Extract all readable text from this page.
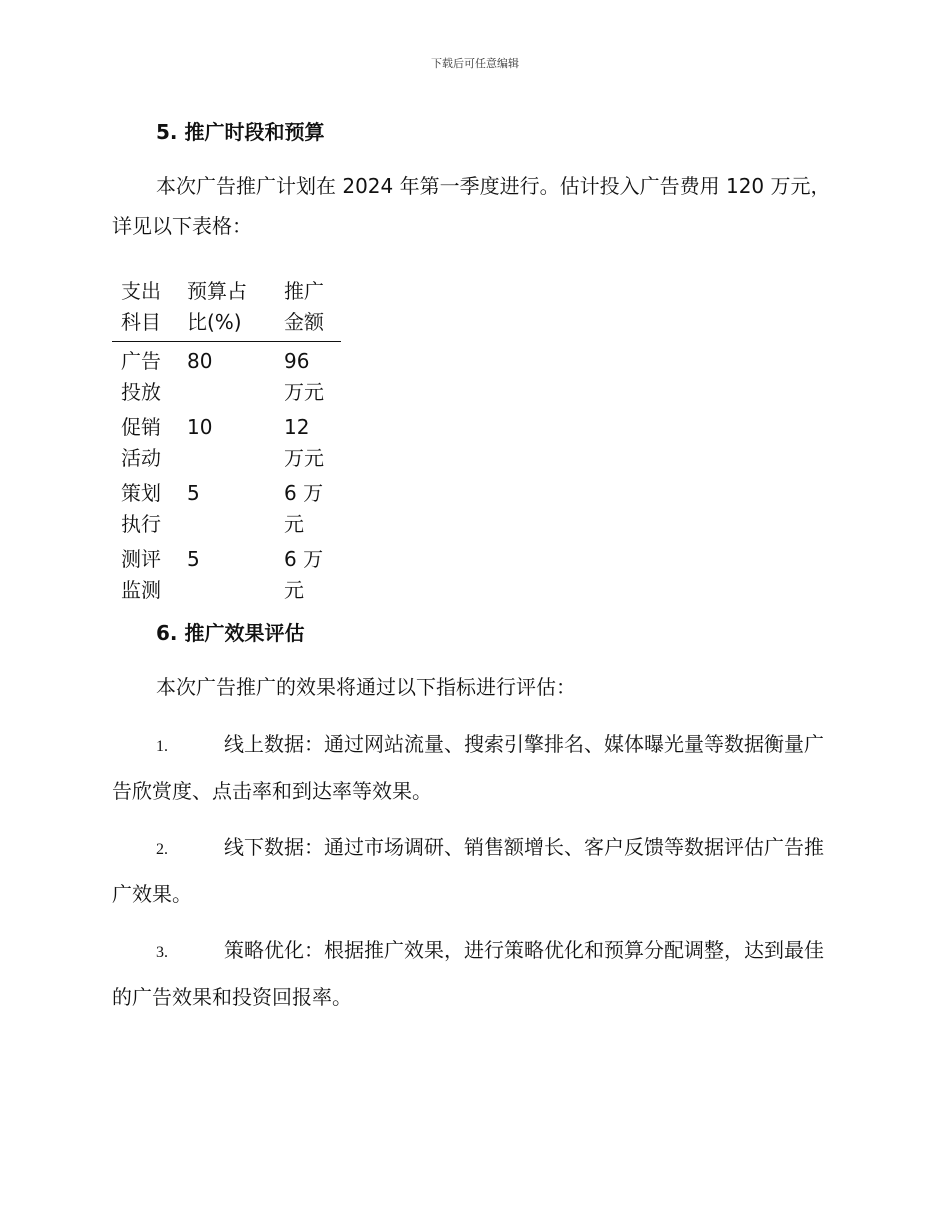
下载后可任意编辑
5. 推广时段和预算
本次广告推广计划在 2024 年第一季度进行。估计投入广告费用 120 万元，详见以下表格：
支出科目	预算占比(%)	推广金额

广告投放	80	96 万元

促销活动	10	12 万元

策划执行	5	6 万元

测评监测	5	6 万元
6. 推广效果评估
本次广告推广的效果将通过以下指标进行评估：
1.	线上数据：通过网站流量、搜索引擎排名、媒体曝光量等数据衡量广告欣赏度、点击率和到达率等效果。
2.	线下数据：通过市场调研、销售额增长、客户反馈等数据评估广告推广效果。
3.	策略优化：根据推广效果，进行策略优化和预算分配调整，达到最佳的广告效果和投资回报率。
